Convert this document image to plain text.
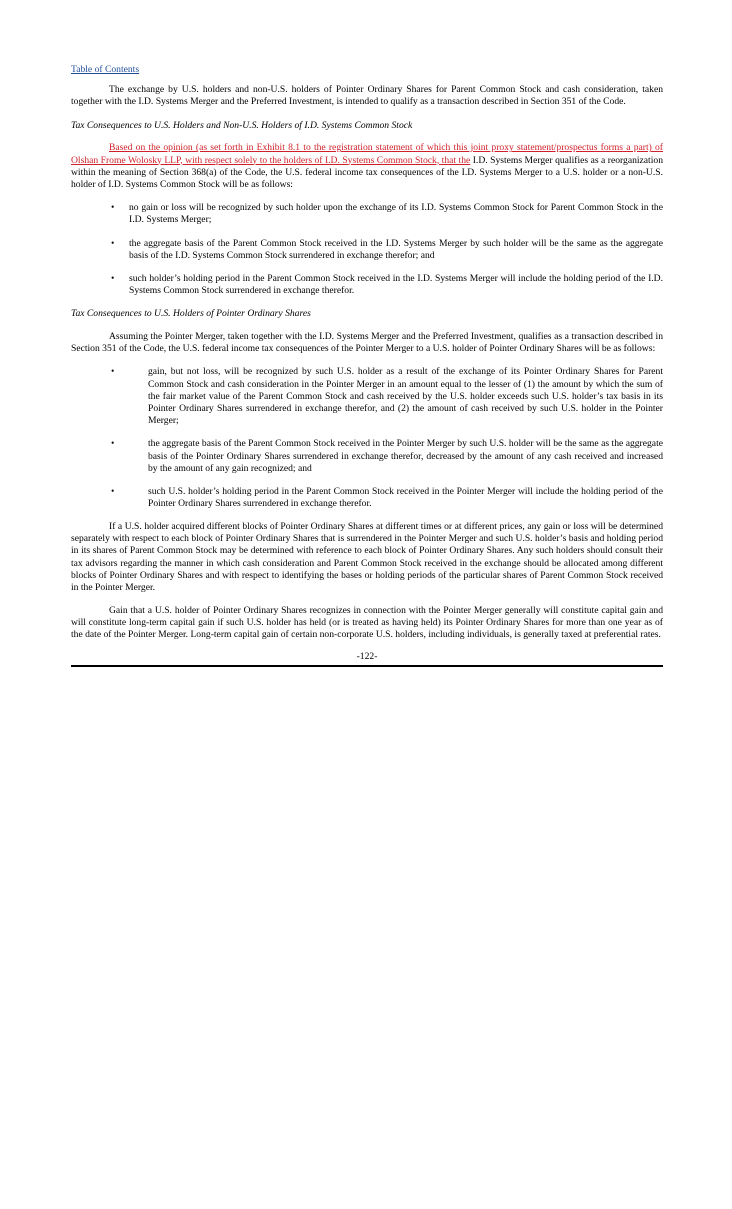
Table of Contents

The exchange by U.S. holders and non-U.S. holders of Pointer Ordinary Shares for Parent Common Stock and cash consideration, taken together with the I.D. Systems Merger and the Preferred Investment, is intended to qualify as a transaction described in Section 351 of the Code.

Tax Consequences to U.S. Holders and Non-U.S. Holders of I.D. Systems Common Stock

Based on the opinion (as set forth in Exhibit 8.1 to the registration statement of which this joint proxy statement/prospectus forms a part) of Olshan Frome Wolosky LLP, with respect solely to the holders of I.D. Systems Common Stock, that the I.D. Systems Merger qualifies as a reorganization within the meaning of Section 368(a) of the Code, the U.S. federal income tax consequences of the I.D. Systems Merger to a U.S. holder or a non-U.S. holder of I.D. Systems Common Stock will be as follows:

• no gain or loss will be recognized by such holder upon the exchange of its I.D. Systems Common Stock for Parent Common Stock in the I.D. Systems Merger;
• the aggregate basis of the Parent Common Stock received in the I.D. Systems Merger by such holder will be the same as the aggregate basis of the I.D. Systems Common Stock surrendered in exchange therefor; and
• such holder’s holding period in the Parent Common Stock received in the I.D. Systems Merger will include the holding period of the I.D. Systems Common Stock surrendered in exchange therefor.

Tax Consequences to U.S. Holders of Pointer Ordinary Shares

Assuming the Pointer Merger, taken together with the I.D. Systems Merger and the Preferred Investment, qualifies as a transaction described in Section 351 of the Code, the U.S. federal income tax consequences of the Pointer Merger to a U.S. holder of Pointer Ordinary Shares will be as follows:

•	gain, but not loss, will be recognized by such U.S. holder as a result of the exchange of its Pointer Ordinary Shares for Parent Common Stock and cash consideration in the Pointer Merger in an amount equal to the lesser of (1) the amount by which the sum of the fair market value of the Parent Common Stock and cash received by the U.S. holder exceeds such U.S. holder’s tax basis in its Pointer Ordinary Shares surrendered in exchange therefor, and (2) the amount of cash received by such U.S. holder in the Pointer Merger;
•	the aggregate basis of the Parent Common Stock received in the Pointer Merger by such U.S. holder will be the same as the aggregate basis of the Pointer Ordinary Shares surrendered in exchange therefor, decreased by the amount of any cash received and increased by the amount of any gain recognized; and
•	such U.S. holder’s holding period in the Parent Common Stock received in the Pointer Merger will include the holding period of the Pointer Ordinary Shares surrendered in exchange therefor.

If a U.S. holder acquired different blocks of Pointer Ordinary Shares at different times or at different prices, any gain or loss will be determined separately with respect to each block of Pointer Ordinary Shares that is surrendered in the Pointer Merger and such U.S. holder’s basis and holding period in its shares of Parent Common Stock may be determined with reference to each block of Pointer Ordinary Shares. Any such holders should consult their tax advisors regarding the manner in which cash consideration and Parent Common Stock received in the exchange should be allocated among different blocks of Pointer Ordinary Shares and with respect to identifying the bases or holding periods of the particular shares of Parent Common Stock received in the Pointer Merger.

Gain that a U.S. holder of Pointer Ordinary Shares recognizes in connection with the Pointer Merger generally will constitute capital gain and will constitute long-term capital gain if such U.S. holder has held (or is treated as having held) its Pointer Ordinary Shares for more than one year as of the date of the Pointer Merger. Long-term capital gain of certain non-corporate U.S. holders, including individuals, is generally taxed at preferential rates.

-122-
